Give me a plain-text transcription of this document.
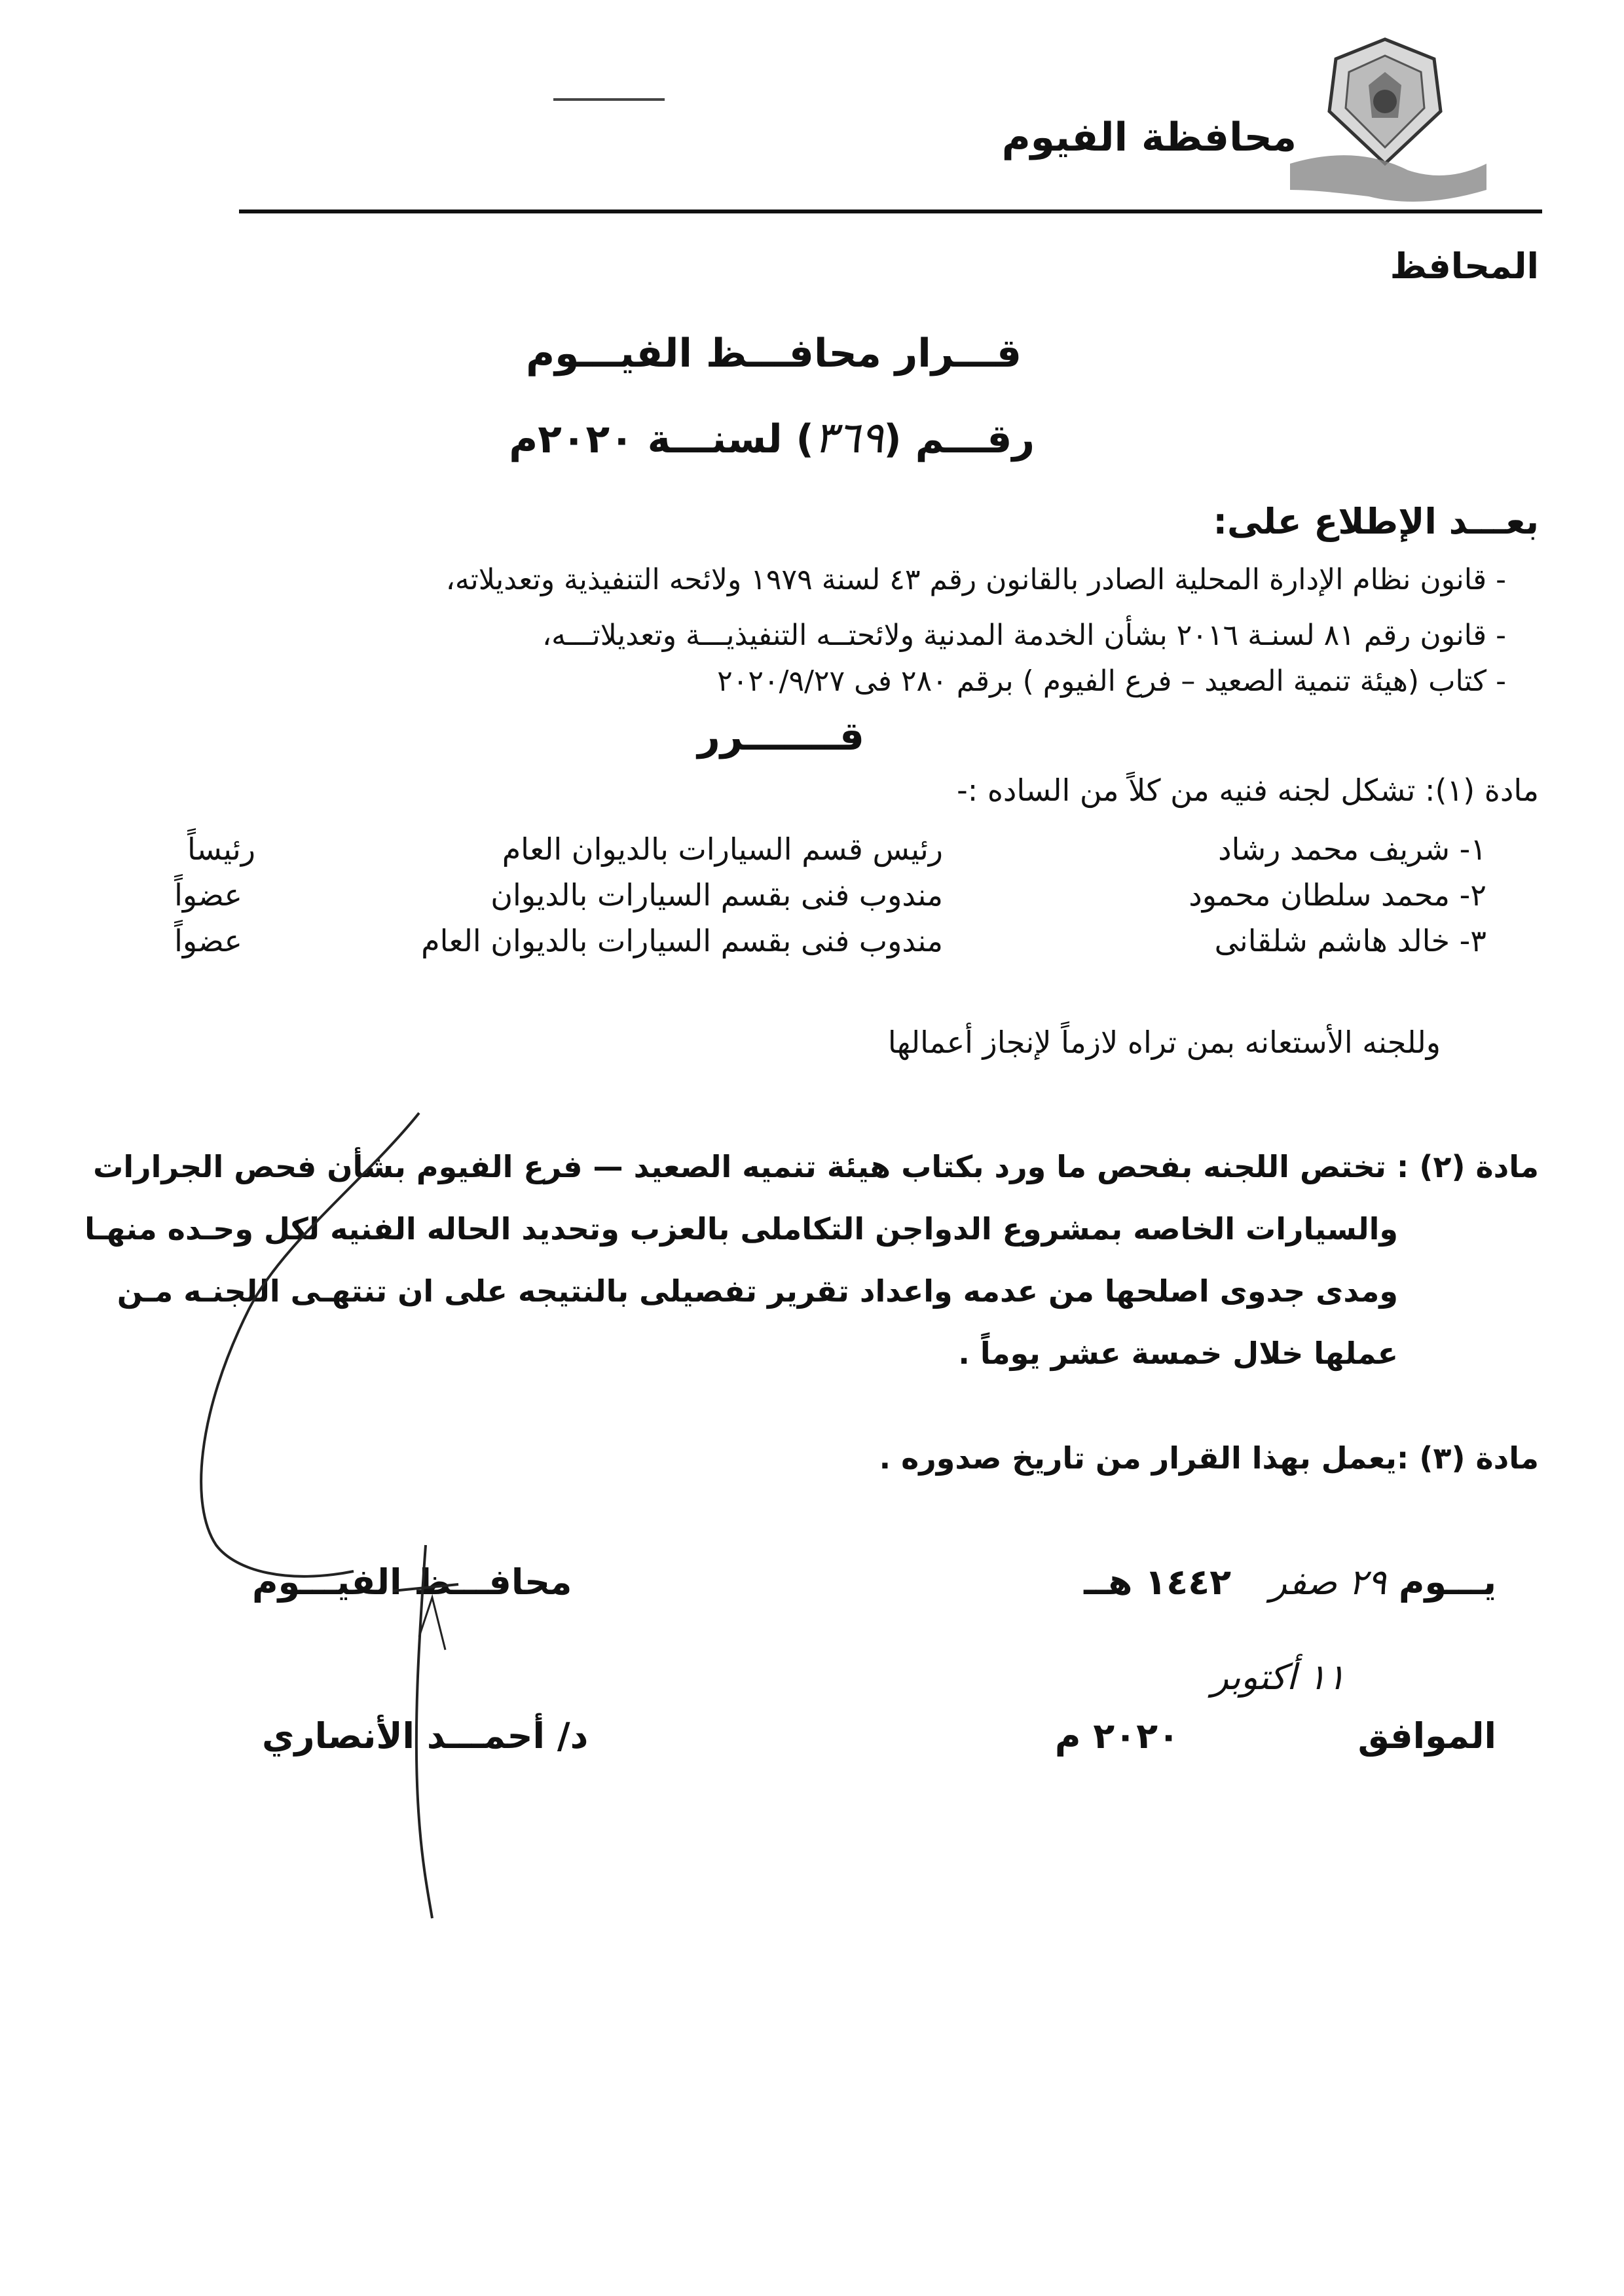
محافظة الفيوم
المحافظ
قـــرار محافـــظ الفيـــوم
رقـــم (٣٦٩) لسنـــة ٢٠٢٠م
بعـــد الإطلاع على:
- قانون نظام الإدارة المحلية الصادر بالقانون رقم ٤٣ لسنة ١٩٧٩ ولائحه التنفيذية وتعديلاته،
- قانون رقم ٨١ لسنـة ٢٠١٦ بشأن الخدمة المدنية ولائحتــه التنفيذيـــة وتعديلاتـــه،
- كتاب (هيئة تنمية الصعيد – فرع الفيوم ) برقم ٢٨٠ فى ٢٠٢٠/٩/٢٧
قـــــــرر
مادة (١): تشكل لجنه فنيه من كلاً من الساده :-
١- شريف محمد رشاد
رئيس قسم السيارات بالديوان العام
رئيساً
٢- محمد سلطان محمود
مندوب فنى بقسم السيارات بالديوان
عضواً
٣- خالد هاشم شلقانى
مندوب فنى بقسم السيارات بالديوان العام
عضواً
وللجنه الأستعانه بمن تراه لازماً لإنجاز أعمالها
مادة (٢) : تختص اللجنه بفحص ما ورد بكتاب هيئة تنميه الصعيد — فرع الفيوم بشأن فحص الجرارات
والسيارات الخاصه بمشروع الدواجن التكاملى بالعزب وتحديد الحاله الفنيه لكل وحـده منهـا
ومدى جدوى اصلحها من عدمه واعداد تقرير تفصيلى بالنتيجه على ان تنتهـى اللجنـه مـن
عملها خلال خمسة عشر يوماً .
مادة (٣) :يعمل بهذا القرار من تاريخ صدوره .
يـــوم ٢٩ صفر ١٤٤٢ هــ
الموافق ١١ أكتوبر ٢٠٢٠ م
محافـــظ الفيـــوم
د/ أحمـــد الأنصاري
